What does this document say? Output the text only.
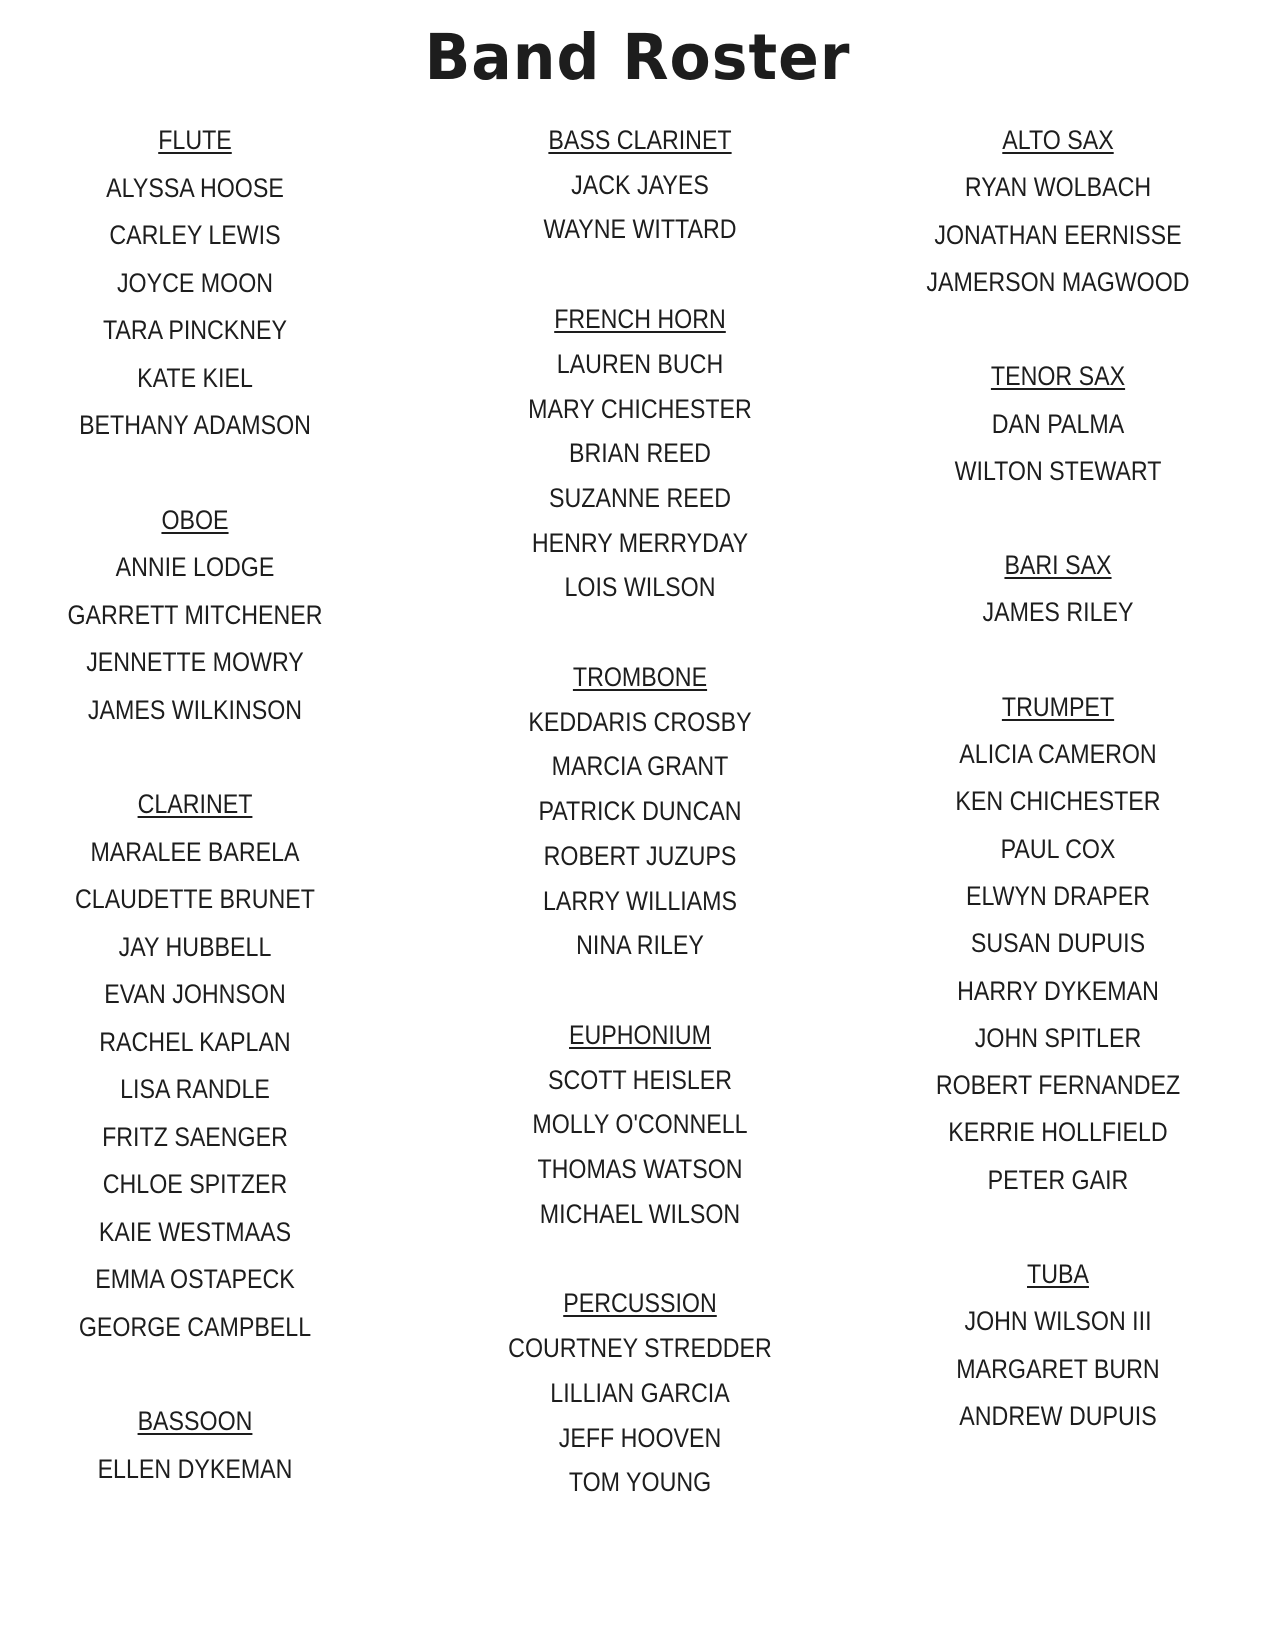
Band Roster
FLUTE
ALYSSA HOOSE
CARLEY LEWIS
JOYCE MOON
TARA PINCKNEY
KATE KIEL
BETHANY ADAMSON
OBOE
ANNIE LODGE
GARRETT MITCHENER
JENNETTE MOWRY
JAMES WILKINSON
CLARINET
MARALEE BARELA
CLAUDETTE BRUNET
JAY HUBBELL
EVAN JOHNSON
RACHEL KAPLAN
LISA RANDLE
FRITZ SAENGER
CHLOE SPITZER
KAIE WESTMAAS
EMMA OSTAPECK
GEORGE CAMPBELL
BASSOON
ELLEN DYKEMAN
BASS CLARINET
JACK JAYES
WAYNE WITTARD
FRENCH HORN
LAUREN BUCH
MARY CHICHESTER
BRIAN REED
SUZANNE REED
HENRY MERRYDAY
LOIS WILSON
TROMBONE
KEDDARIS CROSBY
MARCIA GRANT
PATRICK DUNCAN
ROBERT JUZUPS
LARRY WILLIAMS
NINA RILEY
EUPHONIUM
SCOTT HEISLER
MOLLY O'CONNELL
THOMAS WATSON
MICHAEL WILSON
PERCUSSION
COURTNEY STREDDER
LILLIAN GARCIA
JEFF HOOVEN
TOM YOUNG
ALTO SAX
RYAN WOLBACH
JONATHAN EERNISSE
JAMERSON MAGWOOD
TENOR SAX
DAN PALMA
WILTON STEWART
BARI SAX
JAMES RILEY
TRUMPET
ALICIA CAMERON
KEN CHICHESTER
PAUL COX
ELWYN DRAPER
SUSAN DUPUIS
HARRY DYKEMAN
JOHN SPITLER
ROBERT FERNANDEZ
KERRIE HOLLFIELD
PETER GAIR
TUBA
JOHN WILSON III
MARGARET BURN
ANDREW DUPUIS
